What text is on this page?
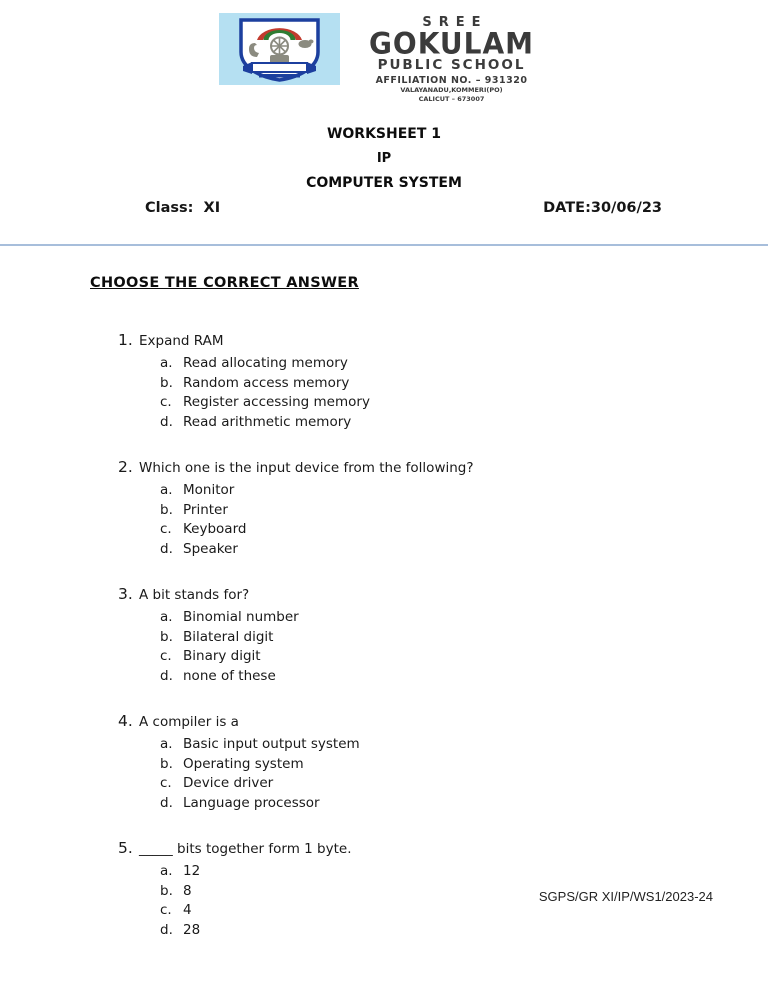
SREE
GOKULAM
PUBLIC SCHOOL
AFFILIATION NO. – 931320
VALAYANADU,KOMMERI(PO)
CALICUT – 673007
WORKSHEET 1
IP
COMPUTER SYSTEM
Class:  XI	DATE:30/06/23
CHOOSE THE CORRECT ANSWER
1. Expand RAM
a. Read allocating memory
b. Random access memory
c. Register accessing memory
d. Read arithmetic memory
2. Which one is the input device from the following?
a. Monitor
b. Printer
c. Keyboard
d. Speaker
3. A bit stands for?
a. Binomial number
b. Bilateral digit
c. Binary digit
d. none of these
4. A compiler is a
a. Basic input output system
b. Operating system
c. Device driver
d. Language processor
5. _____ bits together form 1 byte.
a. 12
b. 8
c. 4
d. 28
SGPS/GR XI/IP/WS1/2023-24
